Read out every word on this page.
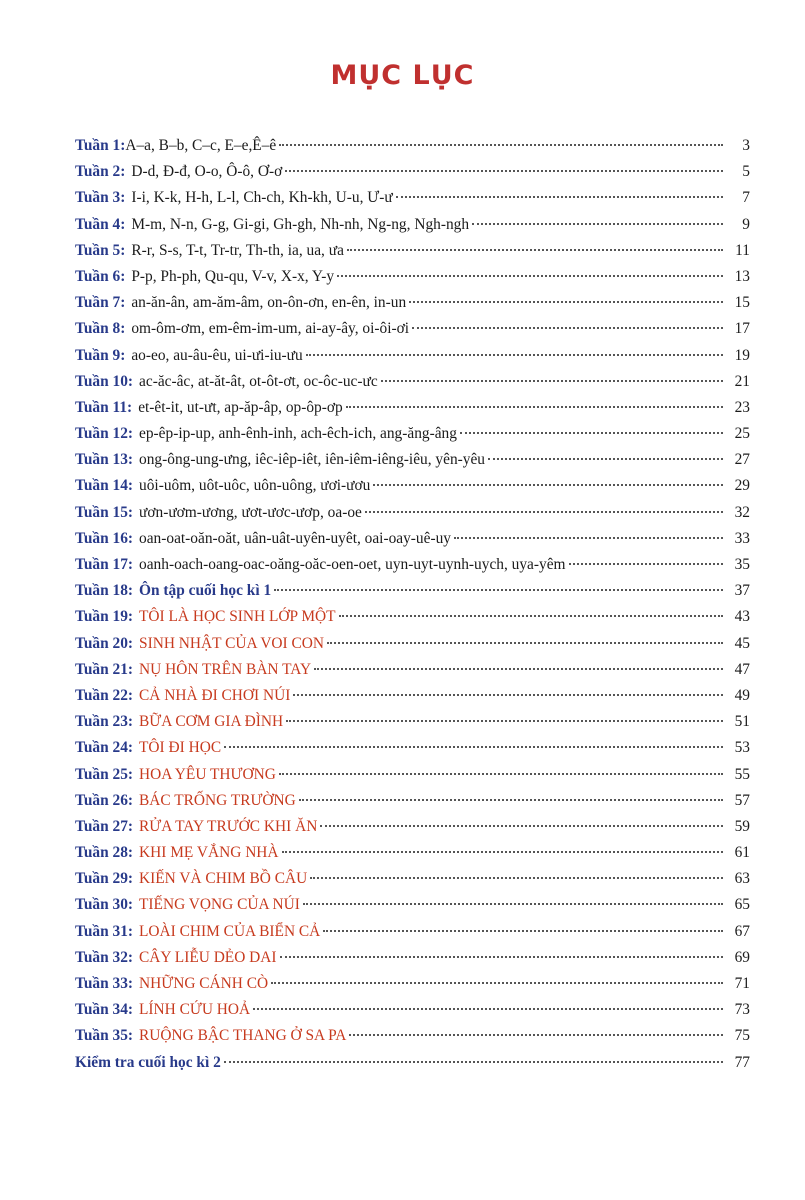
MỤC LỤC
Tuần 1: A–a, B–b, C–c, E–e,Ê–ê	3
Tuần 2: D-d, Đ-đ, O-o, Ô-ô, Ơ-ơ	5
Tuần 3: I-i, K-k, H-h, L-l, Ch-ch, Kh-kh, U-u, Ư-ư	7
Tuần 4: M-m, N-n, G-g, Gi-gi, Gh-gh, Nh-nh, Ng-ng, Ngh-ngh	9
Tuần 5: R-r, S-s, T-t, Tr-tr, Th-th, ia, ua, ưa	11
Tuần 6: P-p, Ph-ph, Qu-qu, V-v, X-x, Y-y	13
Tuần 7: an-ăn-ân, am-ăm-âm, on-ôn-ơn, en-ên, in-un	15
Tuần 8: om-ôm-ơm, em-êm-im-um, ai-ay-ây, oi-ôi-ơi	17
Tuần 9: ao-eo, au-âu-êu, ui-ưi-iu-ưu	19
Tuần 10: ac-ăc-âc, at-ăt-ât, ot-ôt-ơt, oc-ôc-uc-ưc	21
Tuần 11: et-êt-it, ut-ưt, ap-ăp-âp, op-ôp-ơp	23
Tuần 12: ep-êp-ip-up, anh-ênh-inh, ach-êch-ich, ang-ăng-âng	25
Tuần 13: ong-ông-ung-ưng, iêc-iêp-iêt, iên-iêm-iêng-iêu, yên-yêu	27
Tuần 14: uôi-uôm, uôt-uôc, uôn-uông, ươi-ươu	29
Tuần 15: ươn-ươm-ương, ươt-ươc-ươp, oa-oe	32
Tuần 16: oan-oat-oăn-oăt, uân-uât-uyên-uyêt, oai-oay-uê-uy	33
Tuần 17: oanh-oach-oang-oac-oăng-oăc-oen-oet, uyn-uyt-uynh-uych, uya-yêm	35
Tuần 18: Ôn tập cuối học kì 1	37
Tuần 19: TÔI LÀ HỌC SINH LỚP MỘT	43
Tuần 20: SINH NHẬT CỦA VOI CON	45
Tuần 21: NỤ HÔN TRÊN BÀN TAY	47
Tuần 22: CẢ NHÀ ĐI CHƠI NÚI	49
Tuần 23: BỮA CƠM GIA ĐÌNH	51
Tuần 24: TÔI ĐI HỌC	53
Tuần 25: HOA YÊU THƯƠNG	55
Tuần 26: BÁC TRỐNG TRƯỜNG	57
Tuần 27: RỬA TAY TRƯỚC KHI ĂN	59
Tuần 28: KHI MẸ VẮNG NHÀ	61
Tuần 29: KIẾN VÀ CHIM BỒ CÂU	63
Tuần 30: TIẾNG VỌNG CỦA NÚI	65
Tuần 31: LOÀI CHIM CỦA BIỂN CẢ	67
Tuần 32: CÂY LIỄU DẺO DAI	69
Tuần 33: NHỮNG CÁNH CÒ	71
Tuần 34: LÍNH CỨU HOẢ	73
Tuần 35: RUỘNG BẬC THANG Ở SA PA	75
Kiểm tra cuối học kì 2	77
